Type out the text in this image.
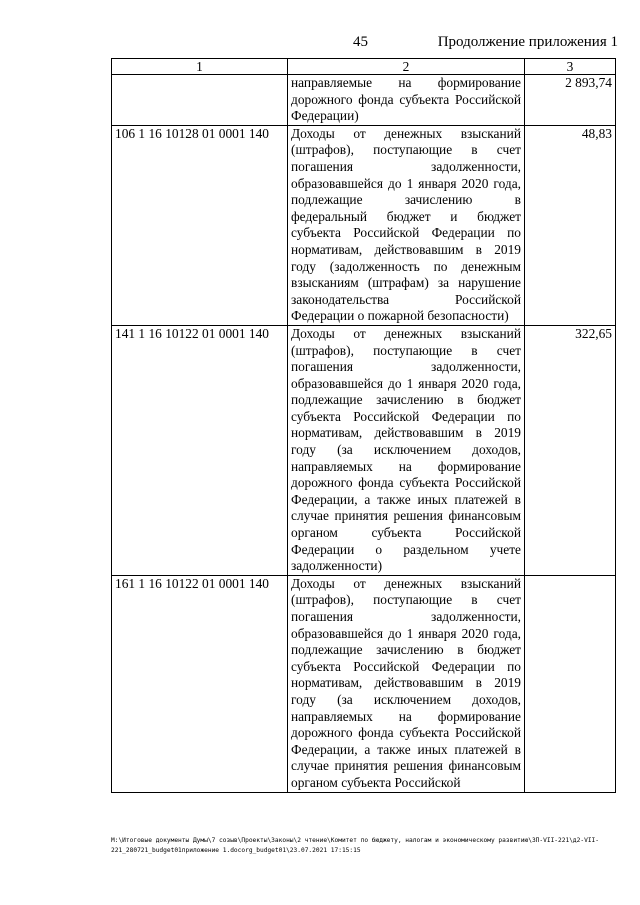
45	Продолжение приложения 1
1	2	3
	направляемые на формирование дорожного фонда субъекта Российской Федерации)	2 893,74
106 1 16 10128 01 0001 140	Доходы от денежных взысканий (штрафов), поступающие в счет погашения задолженности, образовавшейся до 1 января 2020 года, подлежащие зачислению в федеральный бюджет и бюджет субъекта Российской Федерации по нормативам, действовавшим в 2019 году (задолженность по денежным взысканиям (штрафам) за нарушение законодательства Российской Федерации о пожарной безопасности)	48,83
141 1 16 10122 01 0001 140	Доходы от денежных взысканий (штрафов), поступающие в счет погашения задолженности, образовавшейся до 1 января 2020 года, подлежащие зачислению в бюджет субъекта Российской Федерации по нормативам, действовавшим в 2019 году (за исключением доходов, направляемых на формирование дорожного фонда субъекта Российской Федерации, а также иных платежей в случае принятия решения финансовым органом субъекта Российской Федерации о раздельном учете задолженности)	322,65
161 1 16 10122 01 0001 140	Доходы от денежных взысканий (штрафов), поступающие в счет погашения задолженности, образовавшейся до 1 января 2020 года, подлежащие зачислению в бюджет субъекта Российской Федерации по нормативам, действовавшим в 2019 году (за исключением доходов, направляемых на формирование дорожного фонда субъекта Российской Федерации, а также иных платежей в случае принятия решения финансовым органом субъекта Российской	
M:\Итоговые документы Думы\7 созыв\Проекты\Законы\2 чтение\Комитет по бюджету, налогам и экономическому развитию\ЗП-VII-221\д2-VII-221_280721_budget01приложение 1.docorg_budget01\23.07.2021 17:15:15
